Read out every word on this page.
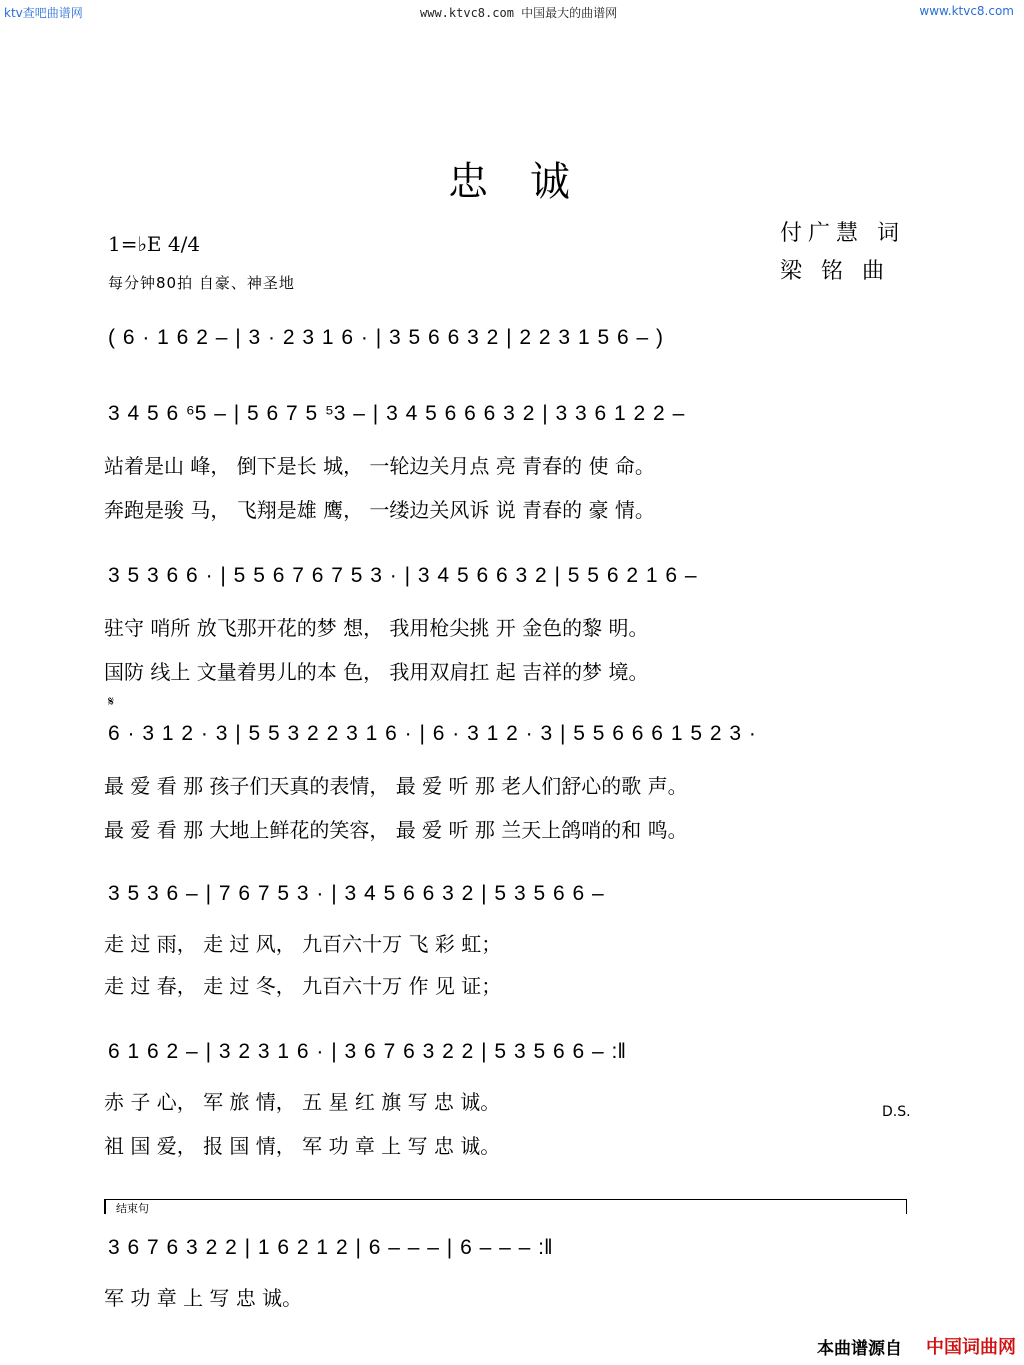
ktv查吧曲谱网	www.ktvc8.com 中国最大的曲谱网	www.ktvc8.com
忠诚
付广慧 词
梁 铭 曲
1=♭E 4/4
每分钟80拍 自豪、神圣地
( 6 · 1 6 2 – | 3 · 2 3 1 6 · | 3 5 6 6 3 2 | 2 2 3 1 5 6 – )
3 4 5 6 ⁶5 – | 5 6 7 5 ⁵3 – | 3 4 5 6 6 6 3 2 | 3 3 6 1 2 2 –
站着是山 峰， 倒下是长 城， 一轮边关月点 亮 青春的 使 命。
奔跑是骏 马， 飞翔是雄 鹰， 一缕边关风诉 说 青春的 豪 情。
3 5 3 6 6 · | 5 5 6 7 6 7 5 3 · | 3 4 5 6 6 3 2 | 5 5 6 2 1 6 –
驻守 哨所 放飞那开花的梦 想， 我用枪尖挑 开 金色的黎 明。
国防 线上 文量着男儿的本 色， 我用双肩扛 起 吉祥的梦 境。
𝄋
6 · 3 1 2 · 3 | 5 5 3 2 2 3 1 6 · | 6 · 3 1 2 · 3 | 5 5 6 6 6 1 5 2 3 ·
最 爱 看 那 孩子们天真的表情， 最 爱 听 那 老人们舒心的歌 声。
最 爱 看 那 大地上鲜花的笑容， 最 爱 听 那 兰天上鸽哨的和 鸣。
3 5 3 6 – | 7 6 7 5 3 · | 3 4 5 6 6 3 2 | 5 3 5 6 6 –
走 过 雨， 走 过 风， 九百六十万 飞 彩 虹；
走 过 春， 走 过 冬， 九百六十万 作 见 证；
6 1 6 2 – | 3 2 3 1 6 · | 3 6 7 6 3 2 2 | 5 3 5 6 6 – :‖
赤 子 心， 军 旅 情， 五 星 红 旗 写 忠 诚。	D.S.
祖 国 爱， 报 国 情， 军 功 章 上 写 忠 诚。
结束句
3 6 7 6 3 2 2 | 1 6 2 1 2 | 6 – – – | 6 – – – :‖
军 功 章 上 写 忠 诚。
本曲谱源自 中国词曲网
